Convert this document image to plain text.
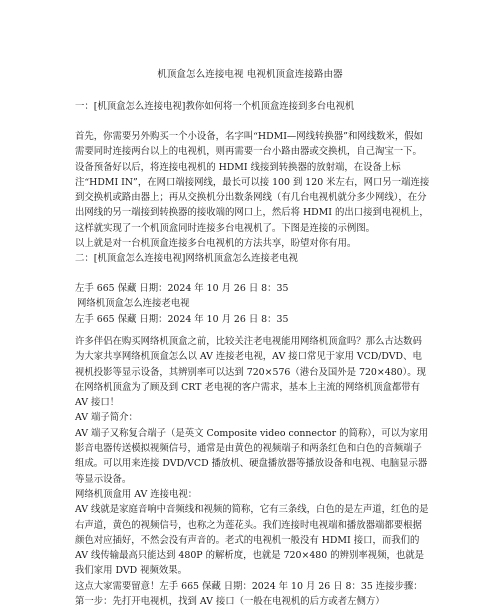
机顶盒怎么连接电视 电视机顶盒连接路由器

一：[机顶盒怎么连接电视]教你如何将一个机顶盒连接到多台电视机

首先，你需要另外购买一个小设备，名字叫“HDMI—网线转换器”和网线数米，假如需要同时连接两台以上的电视机，则再需要一台小路由器或交换机，自己淘宝一下。

设备预备好以后，将连接电视机的 HDMI 线接到转换器的放射端，在设备上标注“HDMI IN”，在网口端接网线，最长可以接 100 到 120 米左右，网口另一端连接到交换机或路由器上；再从交换机分出数条网线（有几台电视机就分多少网线），在分出网线的另一端接到转换器的接收端的网口上，然后将 HDMI 的出口接到电视机上，这样就实现了一个机顶盒同时连接多台电视机了。下图是连接的示例图。

以上就是对一台机顶盒连接多台电视机的方法共享，盼望对你有用。

二：[机顶盒怎么连接电视]网络机顶盒怎么连接老电视

左手 665 保藏 日期：2024 年 10 月 26 日 8：35

网络机顶盒怎么连接老电视

左手 665 保藏 日期：2024 年 10 月 26 日 8：35

许多伴侣在购买网络机顶盒之前，比较关注老电视能用网络机顶盒吗？那么古达数码为大家共享网络机顶盒怎么以 AV 连接老电视，AV 接口常见于家用 VCD/DVD、电视机投影等显示设备，其辨别率可以达到 720×576（港台及国外是 720×480）。现在网络机顶盒为了顾及到 CRT 老电视的客户需求，基本上主流的网络机顶盒都带有 AV 接口！

AV 端子简介：

AV 端子又称复合端子（是英文 Composite video connector 的简称），可以为家用影音电器传送模拟视频信号，通常是由黄色的视频端子和两条红色和白色的音频端子组成。可以用来连接 DVD/VCD 播放机、硬盘播放器等播放设备和电视、电脑显示器等显示设备。

网络机顶盒用 AV 连接电视：

AV 线就是家庭音响中音频线和视频的简称，它有三条线，白色的是左声道，红色的是右声道，黄色的视频信号，也称之为莲花头。我们连接时电视端和播放器端都要根据颜色对应插好，不然会没有声音的。老式的电视机一般没有 HDMI 接口，而我们的 AV 线传输最高只能达到 480P 的解析度，也就是 720×480 的辨别率视频，也就是我们家用 DVD 视频效果。

这点大家需要留意！左手 665 保藏 日期：2024 年 10 月 26 日 8：35 连接步骤：

第一步：先打开电视机，找到 AV 接口（一般在电视机的后方或者左侧方）
